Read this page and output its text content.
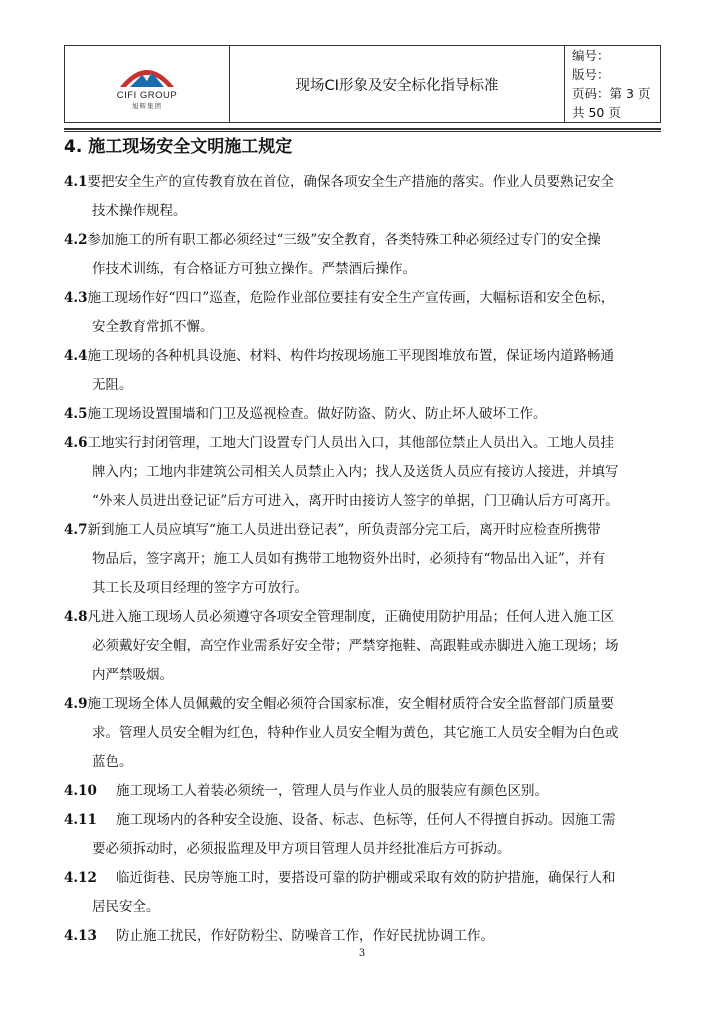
CIFI GROUP
旭辉集团
现场CI形象及安全标化指导标准
编号：
版号：
页码：第 3 页 共 50 页
4. 施工现场安全文明施工规定

4.1要把安全生产的宣传教育放在首位，确保各项安全生产措施的落实。作业人员要熟记安全

技术操作规程。

4.2参加施工的所有职工都必须经过“三级”安全教育，各类特殊工种必须经过专门的安全操

作技术训练，有合格证方可独立操作。严禁酒后操作。

4.3施工现场作好“四口”巡查，危险作业部位要挂有安全生产宣传画，大幅标语和安全色标，

安全教育常抓不懈。

4.4施工现场的各种机具设施、材料、构件均按现场施工平现图堆放布置，保证场内道路畅通

无阻。

4.5施工现场设置围墙和门卫及巡视检查。做好防盗、防火、防止坏人破坏工作。

4.6工地实行封闭管理，工地大门设置专门人员出入口，其他部位禁止人员出入。工地人员挂

牌入内；工地内非建筑公司相关人员禁止入内；找人及送货人员应有接访人接进，并填写

“外来人员进出登记证”后方可进入，离开时由接访人签字的单据，门卫确认后方可离开。

4.7新到施工人员应填写“施工人员进出登记表”，所负责部分完工后，离开时应检查所携带

物品后，签字离开；施工人员如有携带工地物资外出时，必须持有“物品出入证”，并有

其工长及项目经理的签字方可放行。

4.8凡进入施工现场人员必须遵守各项安全管理制度，正确使用防护用品；任何人进入施工区

必须戴好安全帽，高空作业需系好安全带；严禁穿拖鞋、高跟鞋或赤脚进入施工现场；场

内严禁吸烟。

4.9施工现场全体人员佩戴的安全帽必须符合国家标准，安全帽材质符合安全监督部门质量要

求。管理人员安全帽为红色，特种作业人员安全帽为黄色，其它施工人员安全帽为白色或

蓝色。

4.10 施工现场工人着装必须统一，管理人员与作业人员的服装应有颜色区别。

4.11 施工现场内的各种安全设施、设备、标志、色标等，任何人不得擅自拆动。因施工需

要必须拆动时，必须报监理及甲方项目管理人员并经批准后方可拆动。

4.12 临近街巷、民房等施工时，要搭设可靠的防护棚或采取有效的防护措施，确保行人和

居民安全。

4.13 防止施工扰民，作好防粉尘、防噪音工作，作好民扰协调工作。

3
